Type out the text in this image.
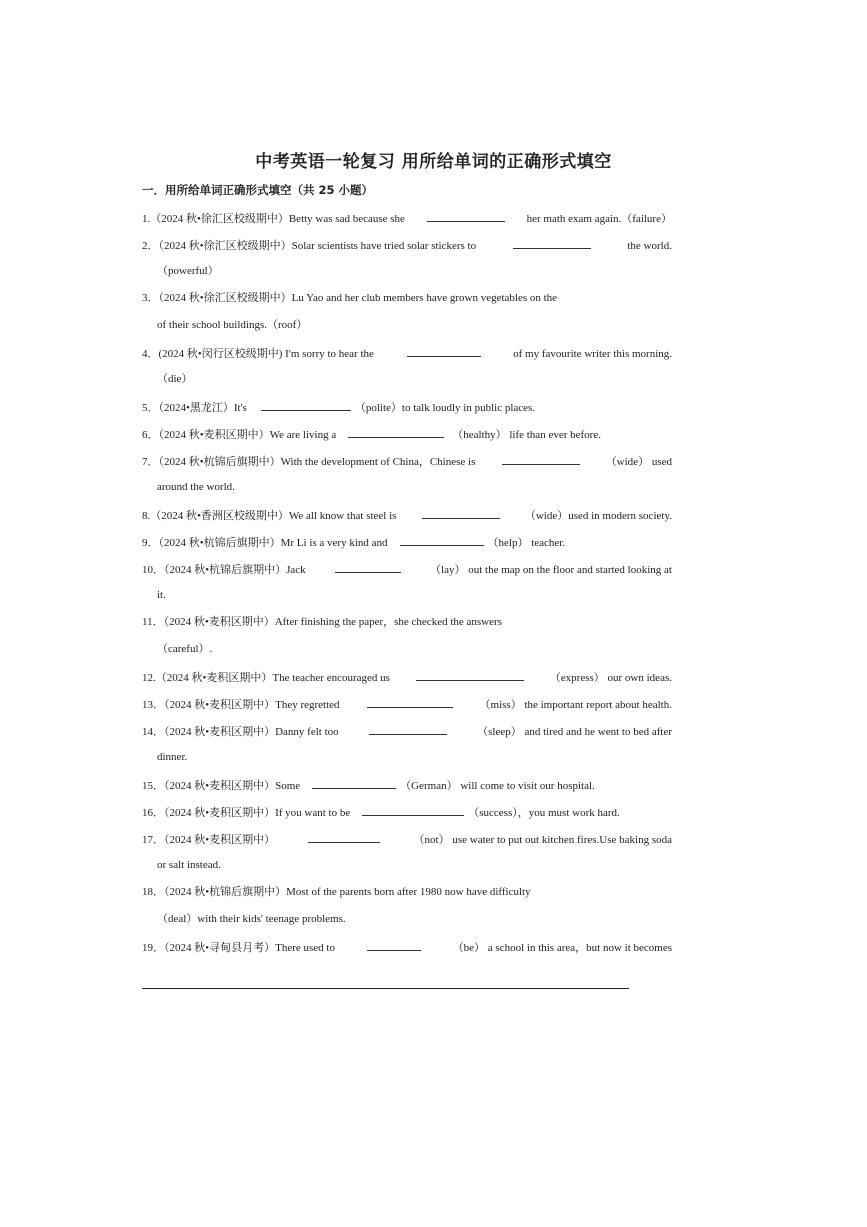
中考英语一轮复习 用所给单词的正确形式填空
一．用所给单词正确形式填空（共 25 小题）
1.（2024 秋•徐汇区校级期中）Betty was sad because she	her math exam again.（failure）
2．（2024 秋•徐汇区校级期中）Solar scientists have tried solar stickers to	the world.
（powerful）
3．（2024 秋•徐汇区校级期中）Lu Yao and her club members have grown vegetables on the
of their school buildings.（roof）
4．(2024 秋•闵行区校级期中) I'm sorry to hear the	of my favourite writer this morning.
（die）
5．（2024•黑龙江）It's	（polite）to talk loudly in public places.
6．（2024 秋•麦积区期中）We are living a	（healthy） life than ever before.
7．（2024 秋•杭锦后旗期中）With the development of China，Chinese is	（wide） used
around the world.
8.（2024 秋•香洲区校级期中）We all know that steel is	（wide）used in modern society.
9．（2024 秋•杭锦后旗期中）Mr Li is a very kind and	（help） teacher.
10．（2024 秋•杭锦后旗期中）Jack	（lay） out the map on the floor and started looking at
it.
11．（2024 秋•麦积区期中）After finishing the paper，she checked the answers
（careful）.
12.（2024 秋•麦积区期中）The teacher encouraged us	（express） our own ideas.
13．（2024 秋•麦积区期中）They regretted	（miss） the important report about health.
14．（2024 秋•麦积区期中）Danny felt too	（sleep） and tired and he went to bed after
dinner.
15．（2024 秋•麦积区期中）Some	（German） will come to visit our hospital.
16．（2024 秋•麦积区期中）If you want to be	（success），you must work hard.
17．（2024 秋•麦积区期中）	（not） use water to put out kitchen fires.Use baking soda
or salt instead.
18．（2024 秋•杭锦后旗期中）Most of the parents born after 1980 now have difficulty
（deal）with their kids' teenage problems.
19．（2024 秋•寻甸县月考）There used to	（be） a school in this area，but now it becomes
